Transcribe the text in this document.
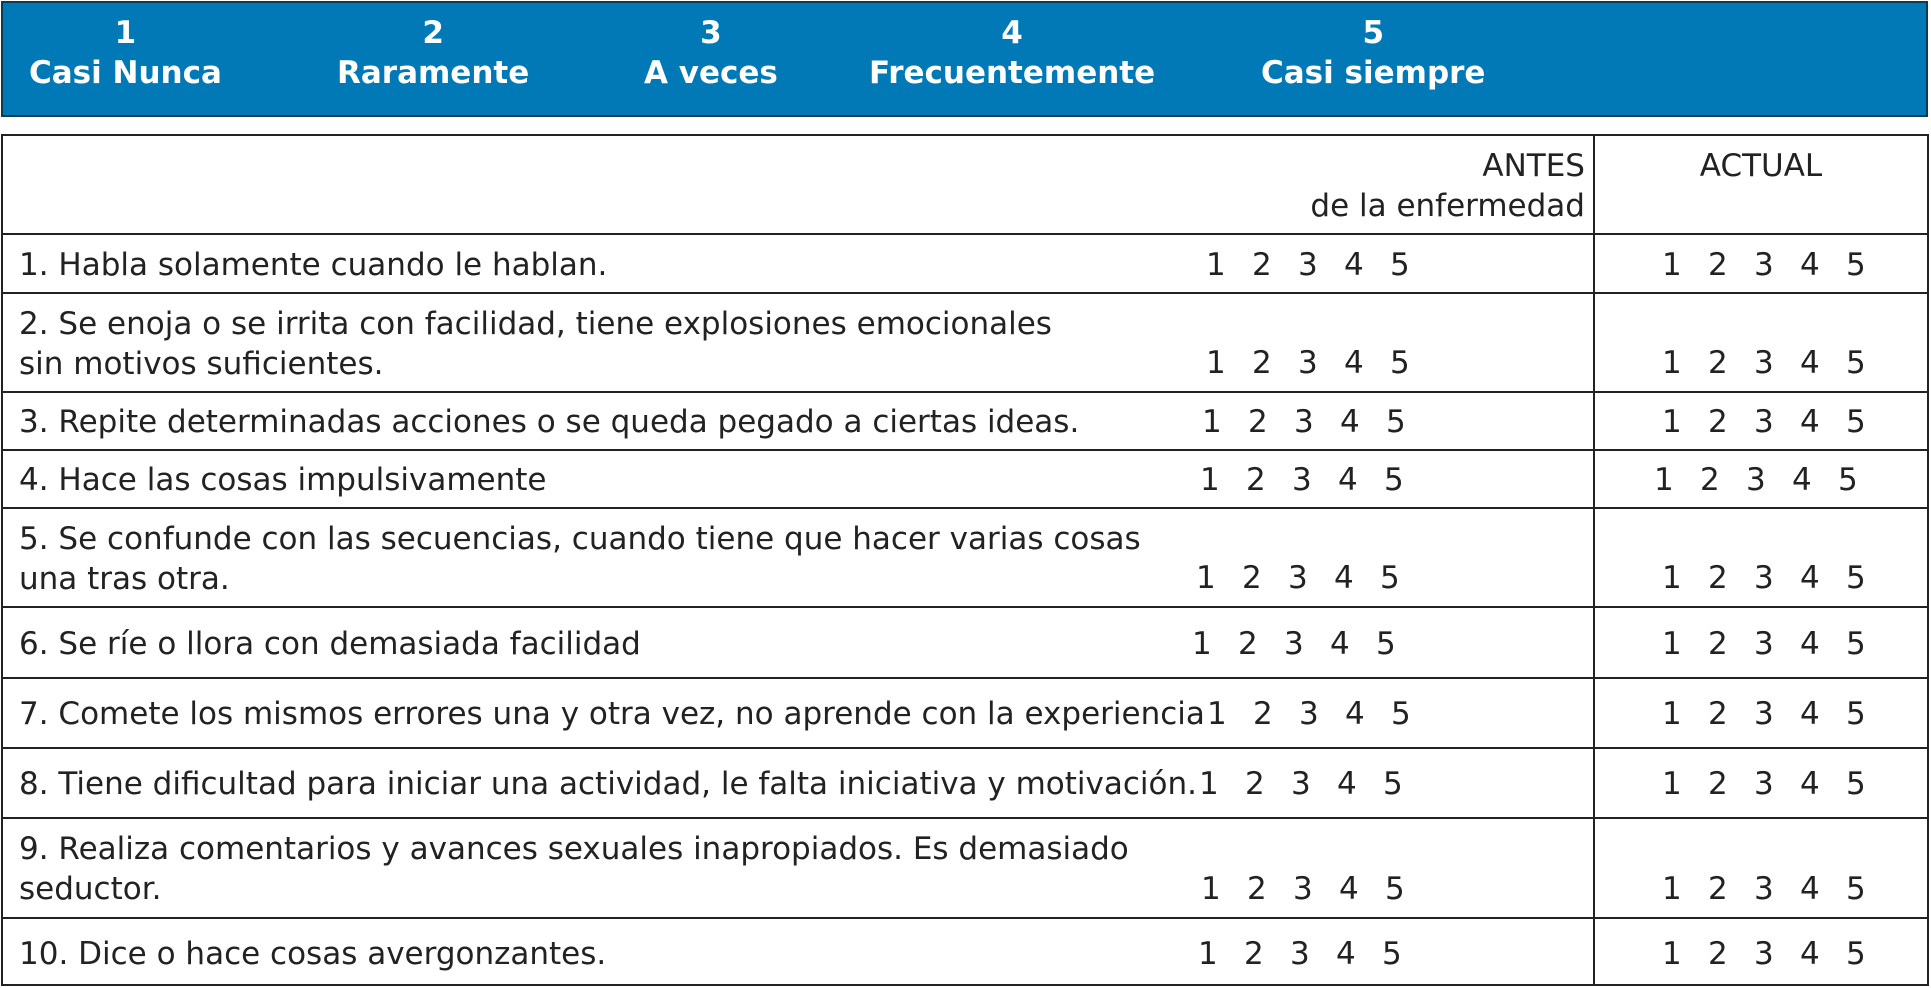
1
Casi Nunca
2
Raramente
3
A veces
4
Frecuentemente
5
Casi siempre
ANTES
de la enfermedad
ACTUAL
1. Habla solamente cuando le hablan.	1 2 3 4 5	1 2 3 4 5
2. Se enoja o se irrita con facilidad, tiene explosiones emocionales
sin motivos suficientes.	1 2 3 4 5	1 2 3 4 5
3. Repite determinadas acciones o se queda pegado a ciertas ideas.	1 2 3 4 5	1 2 3 4 5
4. Hace las cosas impulsivamente	1 2 3 4 5	1 2 3 4 5
5. Se confunde con las secuencias, cuando tiene que hacer varias cosas
una tras otra.	1 2 3 4 5	1 2 3 4 5
6. Se ríe o llora con demasiada facilidad	1 2 3 4 5	1 2 3 4 5
7. Comete los mismos errores una y otra vez, no aprende con la experiencia 1 2 3 4 5	1 2 3 4 5
8. Tiene dificultad para iniciar una actividad, le falta iniciativa y motivación. 1 2 3 4 5	1 2 3 4 5
9. Realiza comentarios y avances sexuales inapropiados. Es demasiado
seductor.	1 2 3 4 5	1 2 3 4 5
10. Dice o hace cosas avergonzantes.	1 2 3 4 5	1 2 3 4 5
